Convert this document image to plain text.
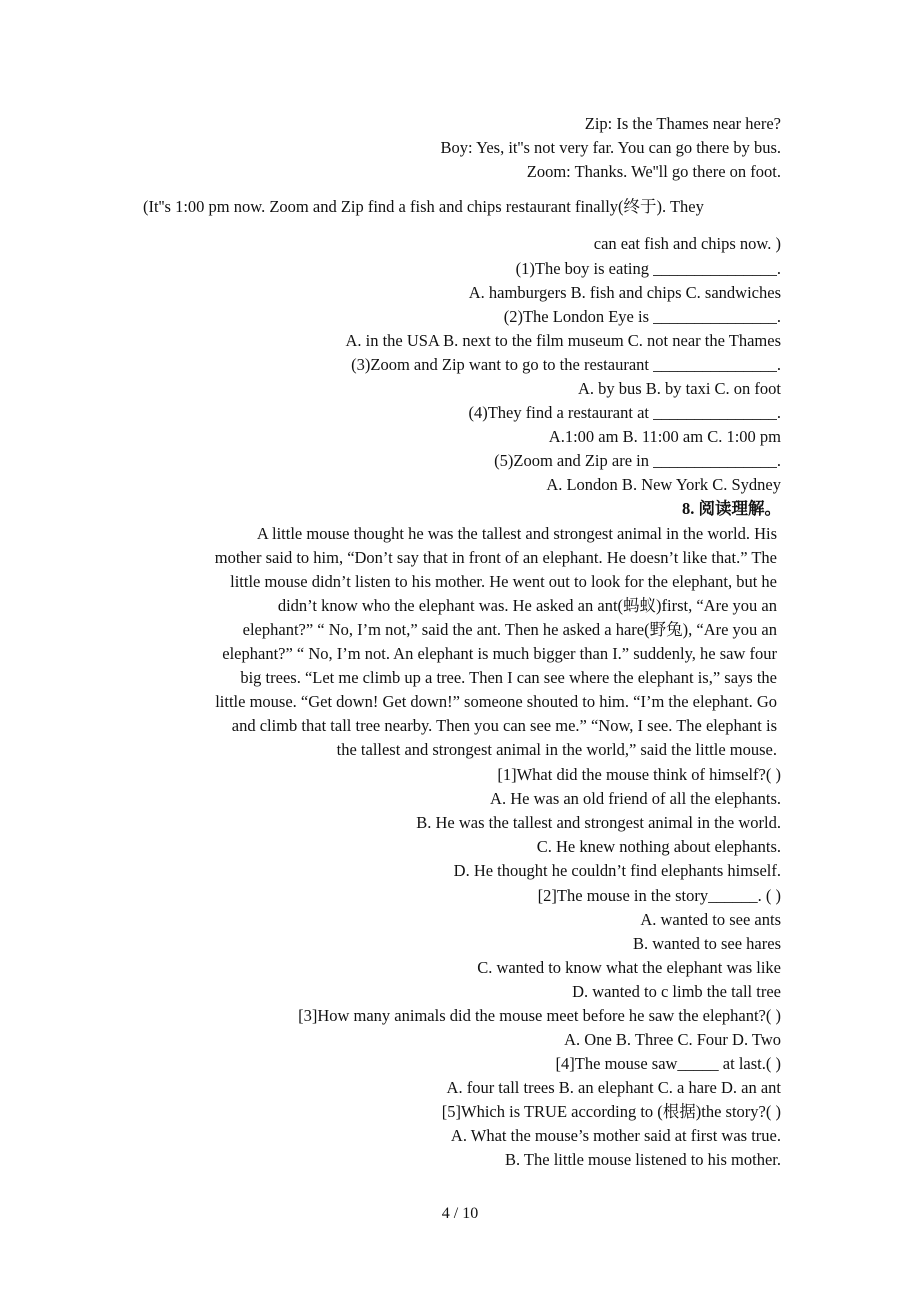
Zip: Is the Thames near here?
Boy: Yes, it''s not very far. You can go there by bus.
Zoom: Thanks. We''ll go there on foot.
(It''s 1:00 pm now. Zoom and Zip find a fish and chips restaurant finally(终于). They
can eat fish and chips now. )
(1)The boy is eating _______________.
A. hamburgers B. fish and chips C. sandwiches
(2)The London Eye is _______________.
A. in the USA B. next to the film museum C. not near the Thames
(3)Zoom and Zip want to go to the restaurant _______________.
A. by bus B. by taxi C. on foot
(4)They find a restaurant at _______________.
A.1:00 am B. 11:00 am C. 1:00 pm
(5)Zoom and Zip are in _______________.
A. London B. New York C. Sydney
8. 阅读理解。
A little mouse thought he was the tallest and strongest animal in the world. His
mother said to him, “Don’t say that in front of an elephant. He doesn’t like that.” The
little mouse didn’t listen to his mother. He went out to look for the elephant, but he
didn’t know who the elephant was. He asked an ant(蚂蚁)first, “Are you an
elephant?” “ No, I’m not,” said the ant. Then he asked a hare(野兔), “Are you an
elephant?” “ No, I’m not. An elephant is much bigger than I.” suddenly, he saw four
big trees. “Let me climb up a tree. Then I can see where the elephant is,” says the
little mouse. “Get down! Get down!” someone shouted to him. “I’m the elephant. Go
and climb that tall tree nearby. Then you can see me.” “Now, I see. The elephant is
the tallest and strongest animal in the world,” said the little mouse.
[1]What did the mouse think of himself?( )
A. He was an old friend of all the elephants.
B. He was the tallest and strongest animal in the world.
C. He knew nothing about elephants.
D. He thought he couldn’t find elephants himself.
[2]The mouse in the story______. ( )
A. wanted to see ants
B. wanted to see hares
C. wanted to know what the elephant was like
D. wanted to c limb the tall tree
[3]How many animals did the mouse meet before he saw the elephant?( )
A. One B. Three C. Four D. Two
[4]The mouse saw_____ at last.( )
A. four tall trees B. an elephant C. a hare D. an ant
[5]Which is TRUE according to (根据)the story?( )
A. What the mouse’s mother said at first was true.
B. The little mouse listened to his mother.
4 / 10
